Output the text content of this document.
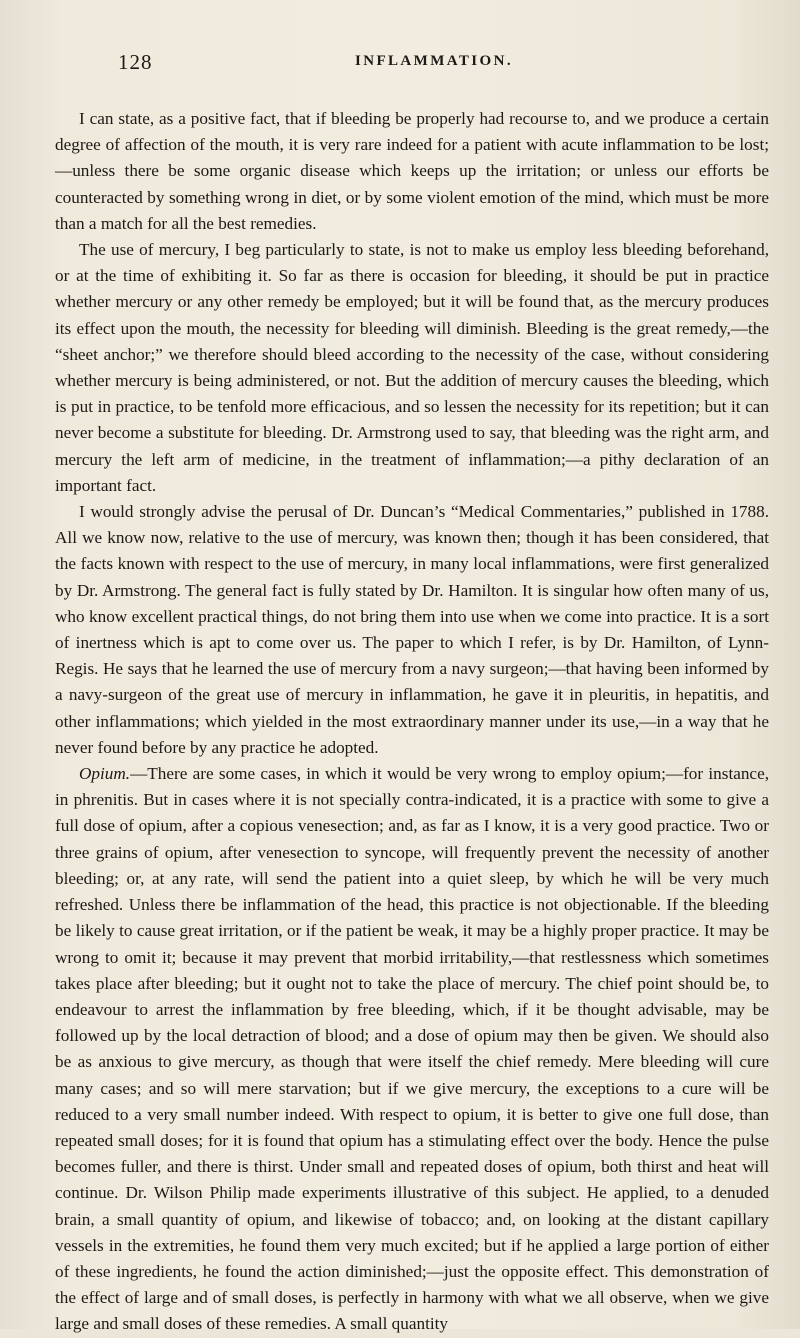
128	INFLAMMATION.

I can state, as a positive fact, that if bleeding be properly had recourse to, and we produce a certain degree of affection of the mouth, it is very rare indeed for a patient with acute inflammation to be lost;—unless there be some organic disease which keeps up the irritation; or unless our efforts be counteracted by something wrong in diet, or by some violent emotion of the mind, which must be more than a match for all the best remedies.

The use of mercury, I beg particularly to state, is not to make us employ less bleeding beforehand, or at the time of exhibiting it. So far as there is occasion for bleeding, it should be put in practice whether mercury or any other remedy be employed; but it will be found that, as the mercury produces its effect upon the mouth, the necessity for bleeding will diminish. Bleeding is the great remedy,—the “sheet anchor;” we therefore should bleed according to the necessity of the case, without considering whether mercury is being administered, or not. But the addition of mercury causes the bleeding, which is put in practice, to be tenfold more efficacious, and so lessen the necessity for its repetition; but it can never become a substitute for bleeding. Dr. Armstrong used to say, that bleeding was the right arm, and mercury the left arm of medicine, in the treatment of inflammation;—a pithy declaration of an important fact.

I would strongly advise the perusal of Dr. Duncan’s “Medical Commentaries,” published in 1788. All we know now, relative to the use of mercury, was known then; though it has been considered, that the facts known with respect to the use of mercury, in many local inflammations, were first generalized by Dr. Armstrong. The general fact is fully stated by Dr. Hamilton. It is singular how often many of us, who know excellent practical things, do not bring them into use when we come into practice. It is a sort of inertness which is apt to come over us. The paper to which I refer, is by Dr. Hamilton, of Lynn-Regis. He says that he learned the use of mercury from a navy surgeon;—that having been informed by a navy-surgeon of the great use of mercury in inflammation, he gave it in pleuritis, in hepatitis, and other inflammations; which yielded in the most extraordinary manner under its use,—in a way that he never found before by any practice he adopted.

Opium.—There are some cases, in which it would be very wrong to employ opium;—for instance, in phrenitis. But in cases where it is not specially contra-indicated, it is a practice with some to give a full dose of opium, after a copious venesection; and, as far as I know, it is a very good practice. Two or three grains of opium, after venesection to syncope, will frequently prevent the necessity of another bleeding; or, at any rate, will send the patient into a quiet sleep, by which he will be very much refreshed. Unless there be inflammation of the head, this practice is not objectionable. If the bleeding be likely to cause great irritation, or if the patient be weak, it may be a highly proper practice. It may be wrong to omit it; because it may prevent that morbid irritability,—that restlessness which sometimes takes place after bleeding; but it ought not to take the place of mercury. The chief point should be, to endeavour to arrest the inflammation by free bleeding, which, if it be thought advisable, may be followed up by the local detraction of blood; and a dose of opium may then be given. We should also be as anxious to give mercury, as though that were itself the chief remedy. Mere bleeding will cure many cases; and so will mere starvation; but if we give mercury, the exceptions to a cure will be reduced to a very small number indeed. With respect to opium, it is better to give one full dose, than repeated small doses; for it is found that opium has a stimulating effect over the body. Hence the pulse becomes fuller, and there is thirst. Under small and repeated doses of opium, both thirst and heat will continue. Dr. Wilson Philip made experiments illustrative of this subject. He applied, to a denuded brain, a small quantity of opium, and likewise of tobacco; and, on looking at the distant capillary vessels in the extremities, he found them very much excited; but if he applied a large portion of either of these ingredients, he found the action diminished;—just the opposite effect. This demonstration of the effect of large and of small doses, is perfectly in harmony with what we all observe, when we give large and small doses of these remedies. A small quantity
